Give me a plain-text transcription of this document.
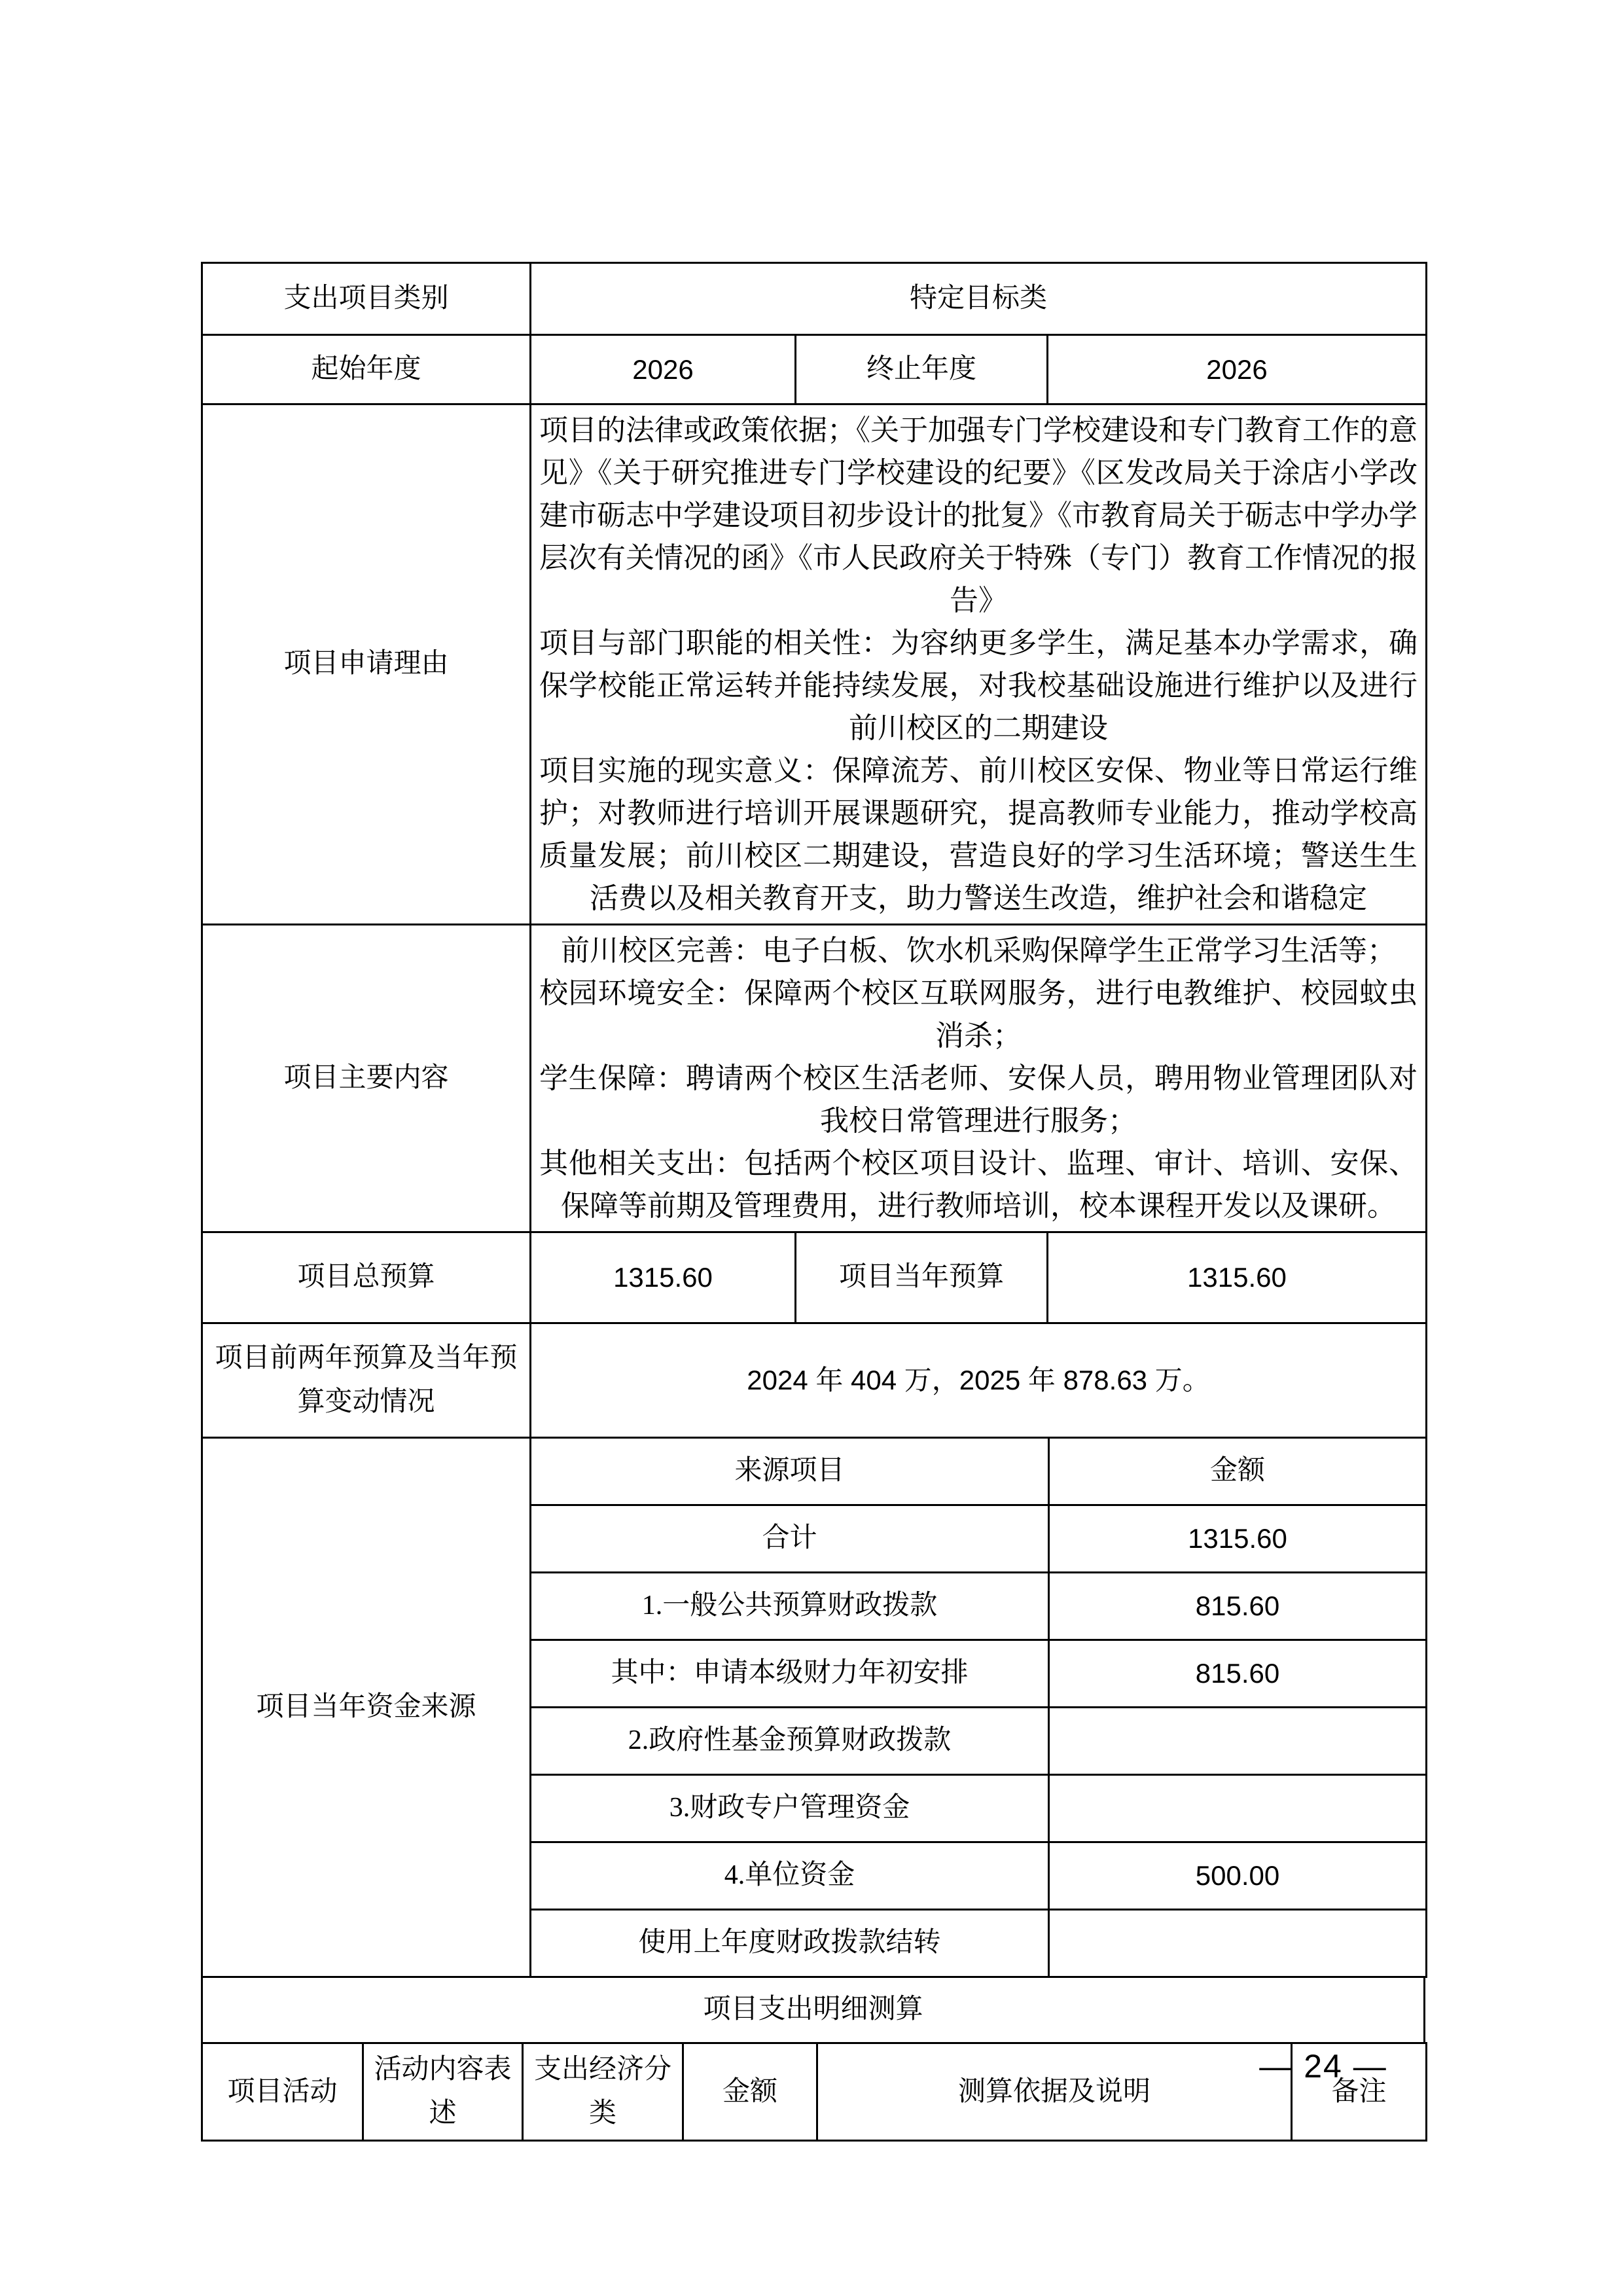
支出项目类别	特定目标类		
起始年度	2026	终止年度	2026
项目申请理由	项目的法律或政策依据；《关于加强专门学校建设和专门教育工作的意见》《关于研究推进专门学校建设的纪要》《区发改局关于涂店小学改建市砺志中学建设项目初步设计的批复》《市教育局关于砺志中学办学层次有关情况的函》《市人民政府关于特殊（专门）教育工作情况的报告》

项目与部门职能的相关性：为容纳更多学生，满足基本办学需求，确保学校能正常运转并能持续发展，对我校基础设施进行维护以及进行前川校区的二期建设

项目实施的现实意义：保障流芳、前川校区安保、物业等日常运行维护；对教师进行培训开展课题研究，提高教师专业能力，推动学校高质量发展；前川校区二期建设，营造良好的学习生活环境；警送生生活费以及相关教育开支，助力警送生改造，维护社会和谐稳定

项目主要内容	前川校区完善：电子白板、饮水机采购保障学生正常学习生活等；

校园环境安全：保障两个校区互联网服务，进行电教维护、校园蚊虫消杀；

学生保障：聘请两个校区生活老师、安保人员，聘用物业管理团队对我校日常管理进行服务；

其他相关支出：包括两个校区项目设计、监理、审计、培训、安保、保障等前期及管理费用，进行教师培训，校本课程开发以及课研。

项目总预算	1315.60	项目当年预算	1315.60
项目前两年预算及当年预算变动情况	2024 年 404 万，2025 年 878.63 万。
项目当年资金来源	来源项目	金额
	合计	1315.60
	1.一般公共预算财政拨款	815.60
	其中：申请本级财力年初安排	815.60
	2.政府性基金预算财政拨款	
	3.财政专户管理资金	
	4.单位资金	500.00
	使用上年度财政拨款结转	
项目支出明细测算
项目活动	活动内容表述	支出经济分类	金额	测算依据及说明	备注
— 24 —
